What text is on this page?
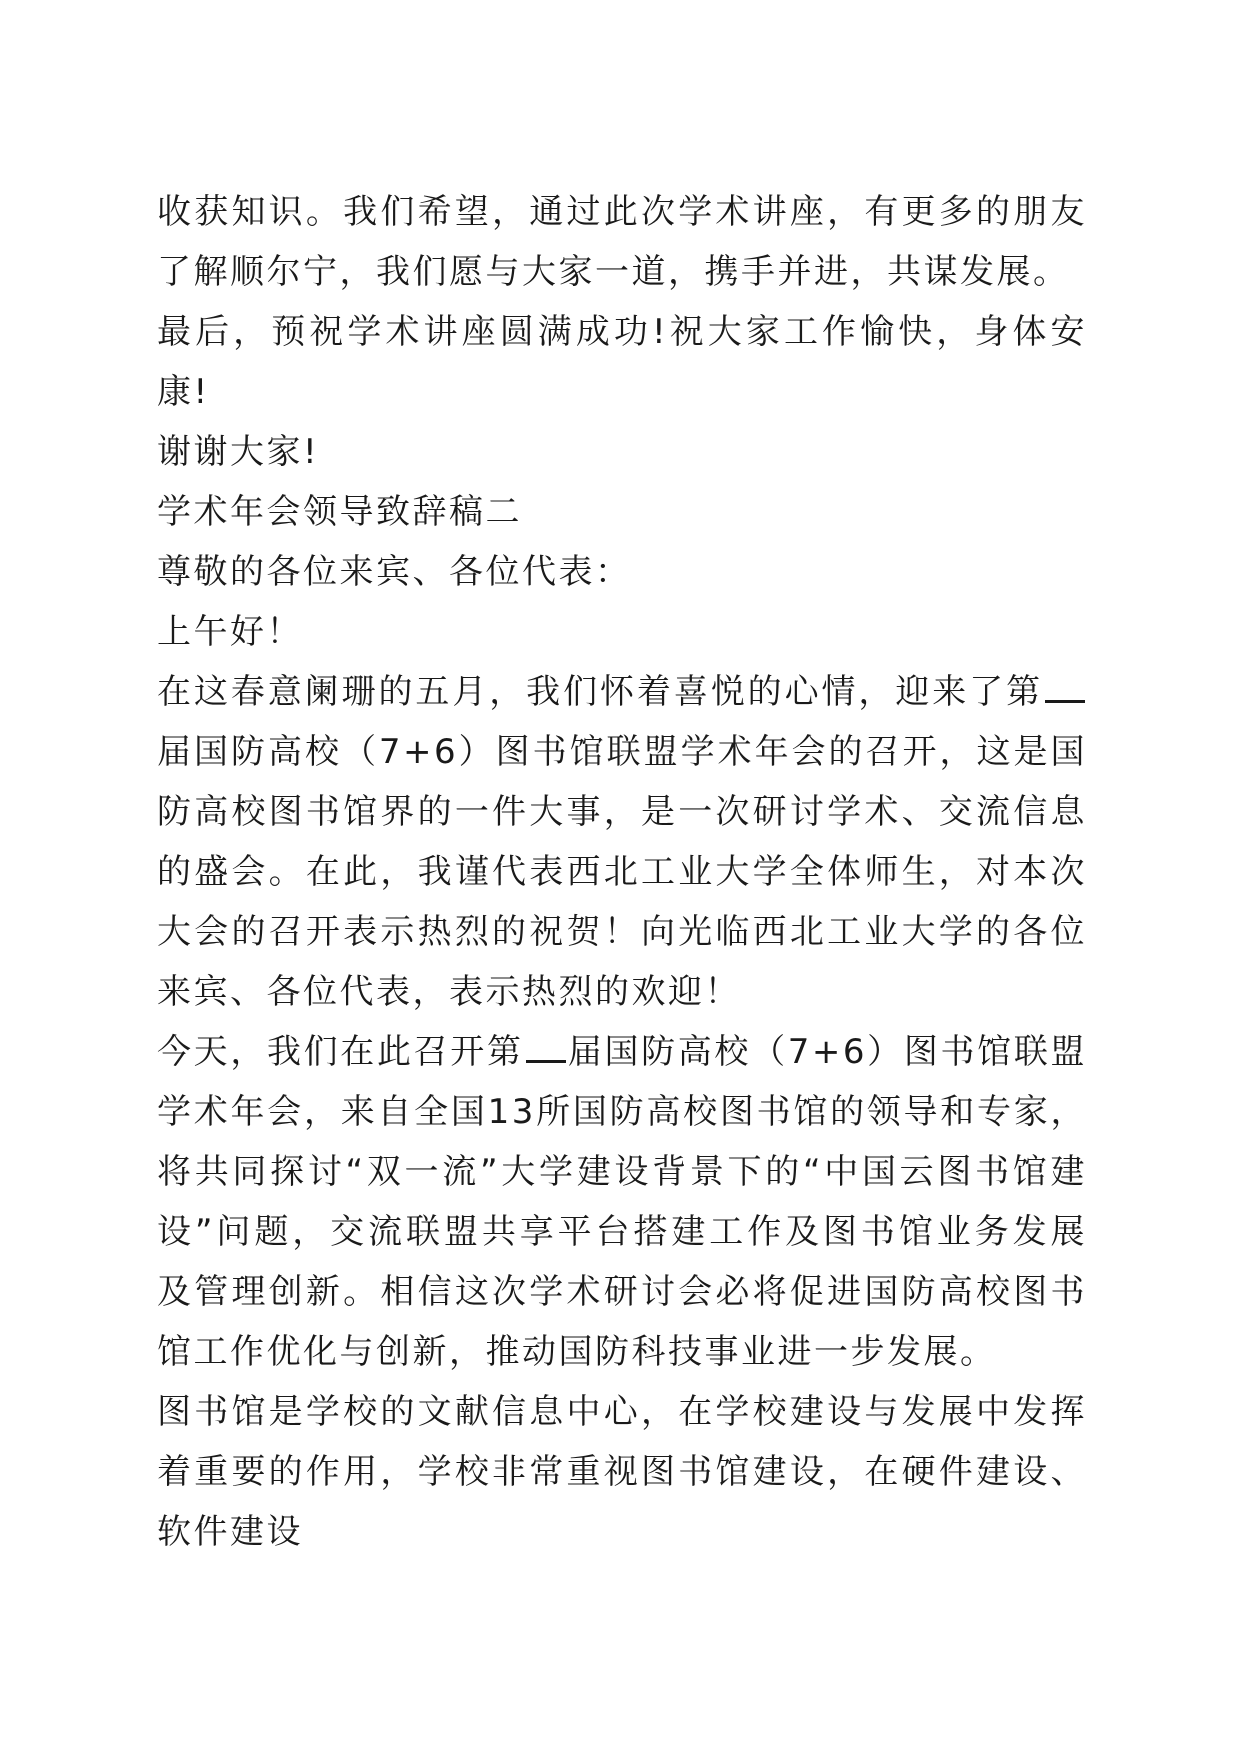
收获知识。我们希望，通过此次学术讲座，有更多的朋友了解顺尔宁，我们愿与大家一道，携手并进，共谋发展。

最后，预祝学术讲座圆满成功!祝大家工作愉快，身体安康!

谢谢大家!

学术年会领导致辞稿二

尊敬的各位来宾、各位代表：

上午好！

在这春意阑珊的五月，我们怀着喜悦的心情，迎来了第届国防高校（7+6）图书馆联盟学术年会的召开，这是国防高校图书馆界的一件大事，是一次研讨学术、交流信息的盛会。在此，我谨代表西北工业大学全体师生，对本次大会的召开表示热烈的祝贺！向光临西北工业大学的各位来宾、各位代表，表示热烈的欢迎！

今天，我们在此召开第 届国防高校（7+6）图书馆联盟学术年会，来自全国13所国防高校图书馆的领导和专家，将共同探讨“双一流”大学建设背景下的“中国云图书馆建设”问题，交流联盟共享平台搭建工作及图书馆业务发展及管理创新。相信这次学术研讨会必将促进国防高校图书馆工作优化与创新，推动国防科技事业进一步发展。

图书馆是学校的文献信息中心，在学校建设与发展中发挥着重要的作用，学校非常重视图书馆建设，在硬件建设、软件建设
